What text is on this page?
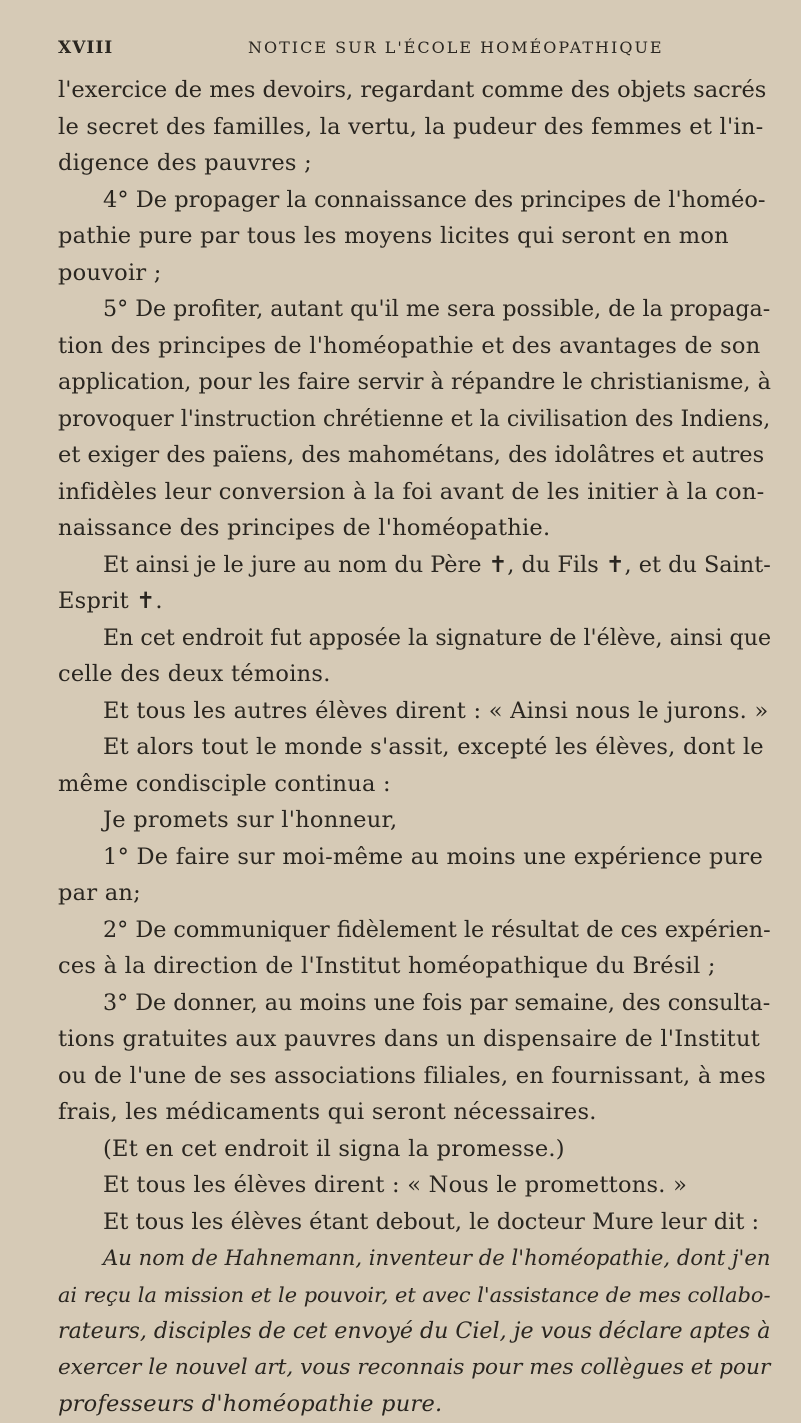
XVIII	NOTICE SUR L'ÉCOLE HOMÉOPATHIQUE
l'exercice de mes devoirs, regardant comme des objets sacrés
le secret des familles, la vertu, la pudeur des femmes et l'in-
digence des pauvres ;
4° De propager la connaissance des principes de l'homéo-
pathie pure par tous les moyens licites qui seront en mon
pouvoir ;
5° De profiter, autant qu'il me sera possible, de la propaga-
tion des principes de l'homéopathie et des avantages de son
application, pour les faire servir à répandre le christianisme, à
provoquer l'instruction chrétienne et la civilisation des Indiens,
et exiger des païens, des mahométans, des idolâtres et autres
infidèles leur conversion à la foi avant de les initier à la con-
naissance des principes de l'homéopathie.
Et ainsi je le jure au nom du Père ✝, du Fils ✝, et du Saint-
Esprit ✝.
En cet endroit fut apposée la signature de l'élève, ainsi que
celle des deux témoins.
Et tous les autres élèves dirent : « Ainsi nous le jurons. »
Et alors tout le monde s'assit, excepté les élèves, dont le
même condisciple continua :
Je promets sur l'honneur,
1° De faire sur moi-même au moins une expérience pure
par an;
2° De communiquer fidèlement le résultat de ces expérien-
ces à la direction de l'Institut homéopathique du Brésil ;
3° De donner, au moins une fois par semaine, des consulta-
tions gratuites aux pauvres dans un dispensaire de l'Institut
ou de l'une de ses associations filiales, en fournissant, à mes
frais, les médicaments qui seront nécessaires.
(Et en cet endroit il signa la promesse.)
Et tous les élèves dirent : « Nous le promettons. »
Et tous les élèves étant debout, le docteur Mure leur dit :
Au nom de Hahnemann, inventeur de l'homéopathie, dont j'en
ai reçu la mission et le pouvoir, et avec l'assistance de mes collabo-
rateurs, disciples de cet envoyé du Ciel, je vous déclare aptes à
exercer le nouvel art, vous reconnais pour mes collègues et pour
professeurs d'homéopathie pure.
